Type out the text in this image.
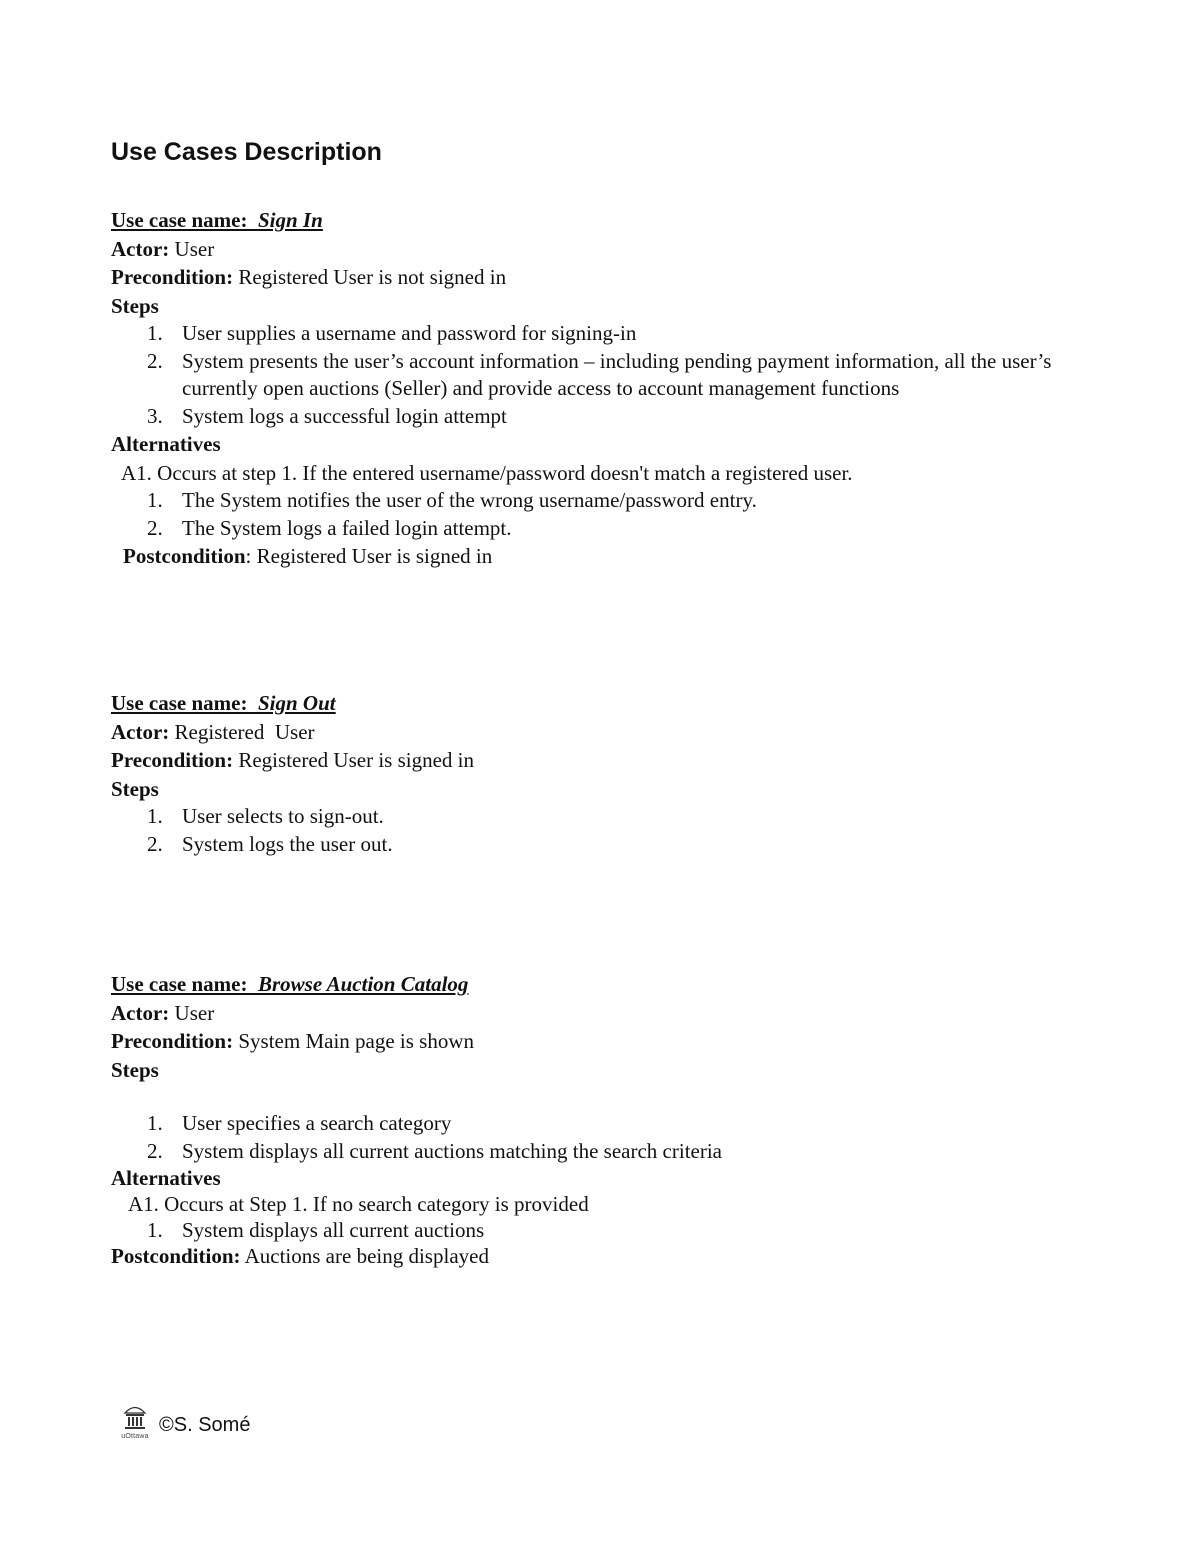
Use Cases Description
Use case name: Sign In
Actor: User
Precondition: Registered User is not signed in
Steps
1. User supplies a username and password for signing-in
2. System presents the user’s account information – including pending payment information, all the user’s currently open auctions (Seller) and provide access to account management functions
3. System logs a successful login attempt
Alternatives
A1. Occurs at step 1. If the entered username/password doesn't match a registered user.
1. The System notifies the user of the wrong username/password entry.
2. The System logs a failed login attempt.
Postcondition: Registered User is signed in
Use case name: Sign Out
Actor: Registered  User
Precondition: Registered User is signed in
Steps
1. User selects to sign-out.
2. System logs the user out.
Use case name: Browse Auction Catalog
Actor: User
Precondition: System Main page is shown
Steps
1. User specifies a search category
2. System displays all current auctions matching the search criteria
Alternatives
A1. Occurs at Step 1. If no search category is provided
1. System displays all current auctions
Postcondition: Auctions are being displayed
uOttawa
©S. Somé
